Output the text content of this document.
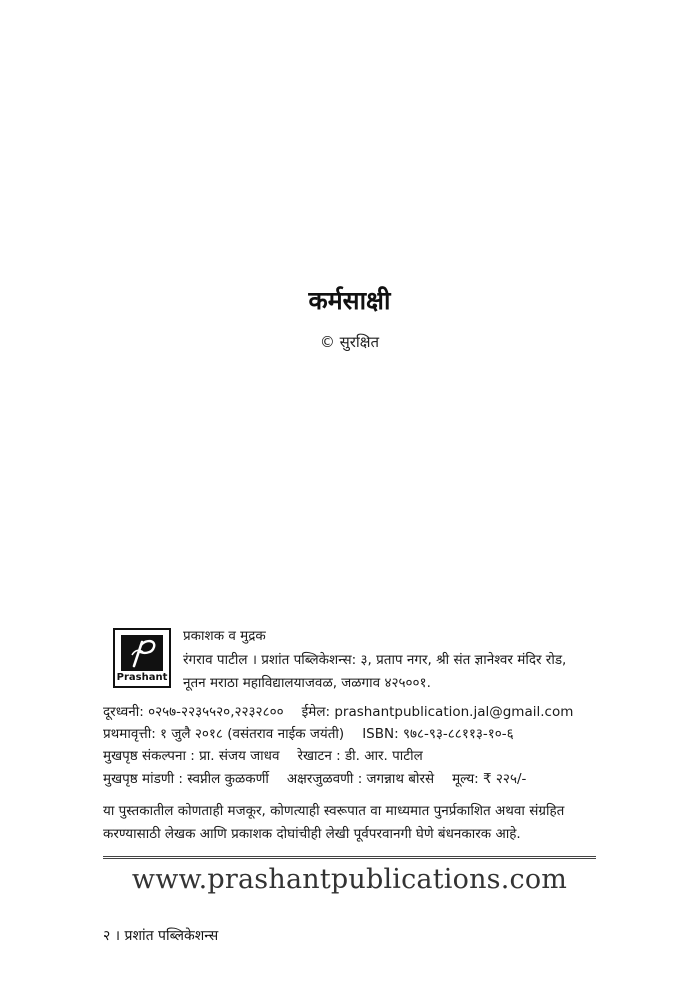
कर्मसाक्षी
© सुरक्षित
Prashant
प्रकाशक व मुद्रक
रंगराव पाटील । प्रशांत पब्लिकेशन्स: ३, प्रताप नगर, श्री संत ज्ञानेश्वर मंदिर रोड,
नूतन मराठा महाविद्यालयाजवळ, जळगाव ४२५००१.
दूरध्वनी: ०२५७-२२३५५२०,२२३२८०० ईमेल: prashantpublication.jal@gmail.com
प्रथमावृत्ती: १ जुलै २०१८ (वसंतराव नाईक जयंती) ISBN: ९७८-९३-८८११३-१०-६
मुखपृष्ठ संकल्पना : प्रा. संजय जाधव रेखाटन : डी. आर. पाटील
मुखपृष्ठ मांडणी : स्वप्नील कुळकर्णी अक्षरजुळवणी : जगन्नाथ बोरसे मूल्य: ₹ २२५/-
या पुस्तकातील कोणताही मजकूर, कोणत्याही स्वरूपात वा माध्यमात पुनर्प्रकाशित अथवा संग्रहित
करण्यासाठी लेखक आणि प्रकाशक दोघांचीही लेखी पूर्वपरवानगी घेणे बंधनकारक आहे.
www.prashantpublications.com
२ । प्रशांत पब्लिकेशन्स
